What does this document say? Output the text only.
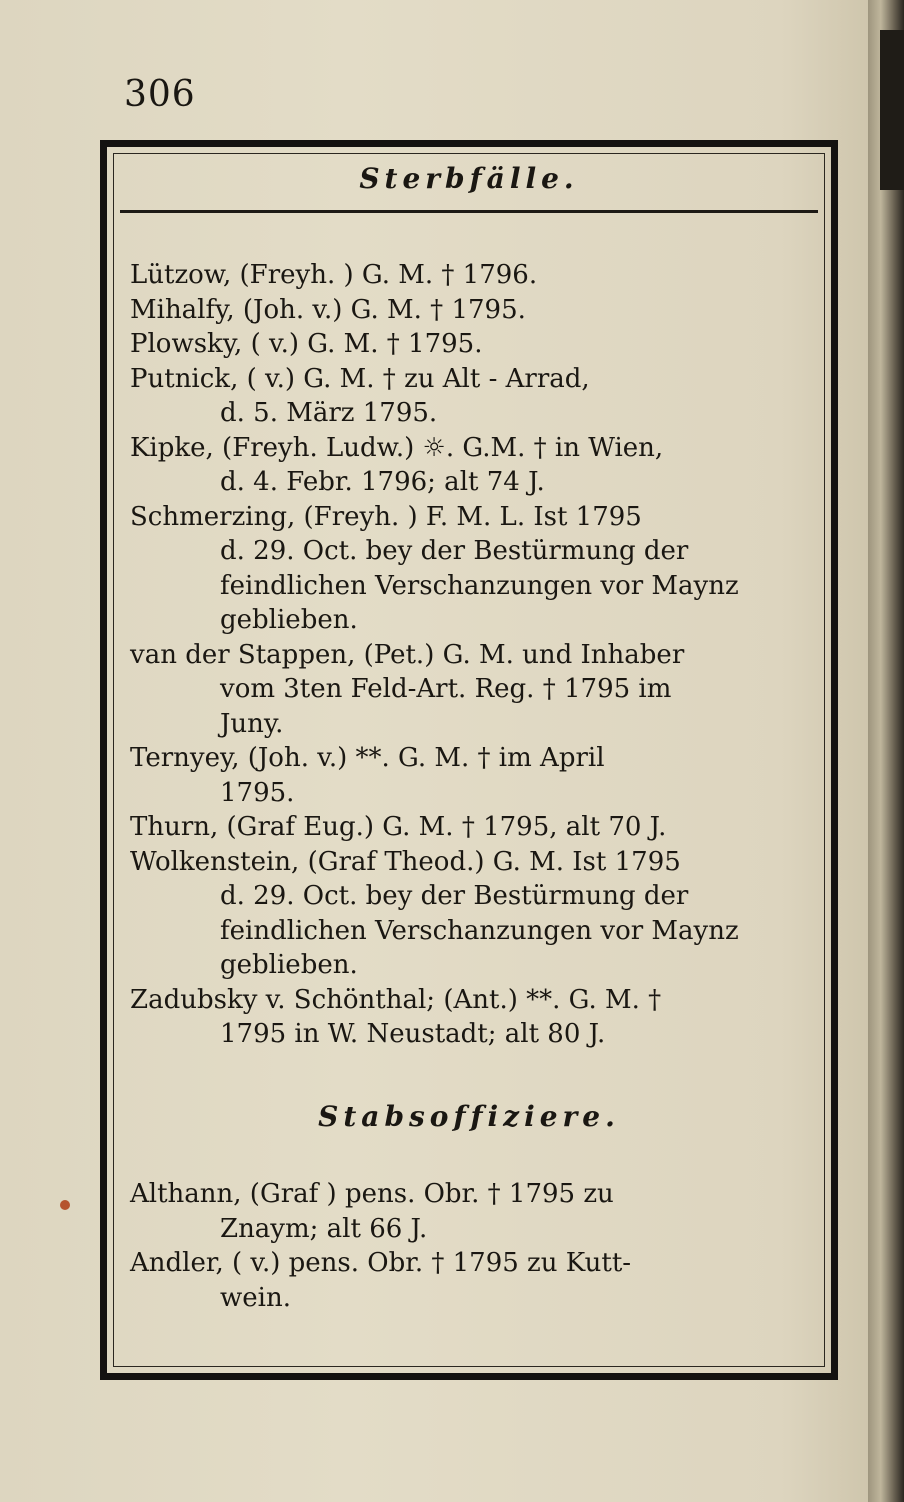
306
Sterbfälle.
Lützow, (Freyh. ) G. M. † 1796.
Mihalfy, (Joh. v.) G. M. † 1795.
Plowsky, ( v.) G. M. † 1795.
Putnick, ( v.) G. M. † zu Alt - Arrad,
d. 5. März 1795.
Kipke, (Freyh. Ludw.) ☼. G.M. † in Wien,
d. 4. Febr. 1796; alt 74 J.
Schmerzing, (Freyh. ) F. M. L. Ist 1795
d. 29. Oct. bey der Bestürmung der
feindlichen Verschanzungen vor Maynz
geblieben.
van der Stappen, (Pet.) G. M. und Inhaber
vom 3ten Feld-Art. Reg. † 1795 im
Juny.
Ternyey, (Joh. v.) **. G. M. † im April
1795.
Thurn, (Graf Eug.) G. M. † 1795, alt 70 J.
Wolkenstein, (Graf Theod.) G. M. Ist 1795
d. 29. Oct. bey der Bestürmung der
feindlichen Verschanzungen vor Maynz
geblieben.
Zadubsky v. Schönthal; (Ant.) **. G. M. †
1795 in W. Neustadt; alt 80 J.
Stabsoffiziere.
Althann, (Graf ) pens. Obr. † 1795 zu
Znaym; alt 66 J.
Andler, ( v.) pens. Obr. † 1795 zu Kutt-
wein.
